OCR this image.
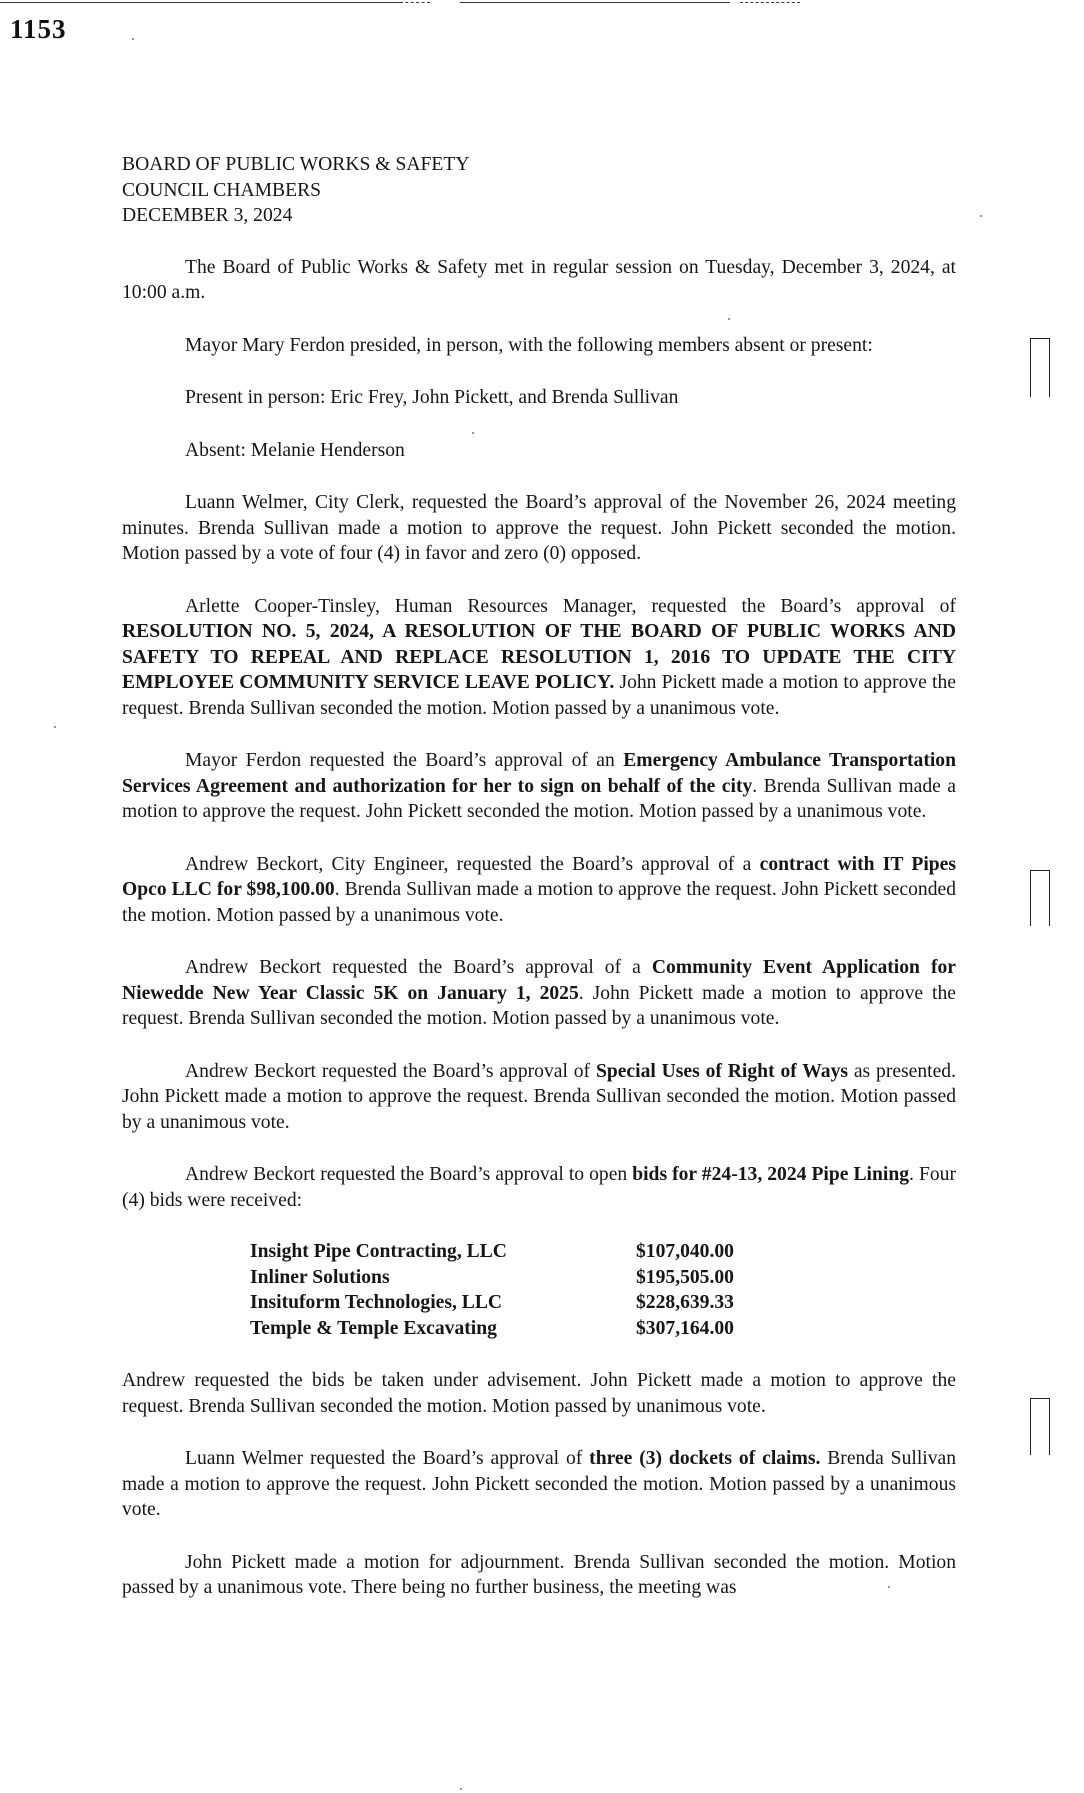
1153
BOARD OF PUBLIC WORKS & SAFETY
COUNCIL CHAMBERS
DECEMBER 3, 2024

The Board of Public Works & Safety met in regular session on Tuesday, December 3, 2024, at 10:00 a.m.

Mayor Mary Ferdon presided, in person, with the following members absent or present:

Present in person: Eric Frey, John Pickett, and Brenda Sullivan

Absent: Melanie Henderson

Luann Welmer, City Clerk, requested the Board’s approval of the November 26, 2024 meeting minutes. Brenda Sullivan made a motion to approve the request. John Pickett seconded the motion. Motion passed by a vote of four (4) in favor and zero (0) opposed.

Arlette Cooper-Tinsley, Human Resources Manager, requested the Board’s approval of RESOLUTION NO. 5, 2024, A RESOLUTION OF THE BOARD OF PUBLIC WORKS AND SAFETY TO REPEAL AND REPLACE RESOLUTION 1, 2016 TO UPDATE THE CITY EMPLOYEE COMMUNITY SERVICE LEAVE POLICY. John Pickett made a motion to approve the request. Brenda Sullivan seconded the motion. Motion passed by a unanimous vote.

Mayor Ferdon requested the Board’s approval of an Emergency Ambulance Transportation Services Agreement and authorization for her to sign on behalf of the city. Brenda Sullivan made a motion to approve the request. John Pickett seconded the motion. Motion passed by a unanimous vote.

Andrew Beckort, City Engineer, requested the Board’s approval of a contract with IT Pipes Opco LLC for $98,100.00. Brenda Sullivan made a motion to approve the request. John Pickett seconded the motion. Motion passed by a unanimous vote.

Andrew Beckort requested the Board’s approval of a Community Event Application for Niewedde New Year Classic 5K on January 1, 2025. John Pickett made a motion to approve the request. Brenda Sullivan seconded the motion. Motion passed by a unanimous vote.

Andrew Beckort requested the Board’s approval of Special Uses of Right of Ways as presented. John Pickett made a motion to approve the request. Brenda Sullivan seconded the motion. Motion passed by a unanimous vote.

Andrew Beckort requested the Board’s approval to open bids for #24-13, 2024 Pipe Lining. Four (4) bids were received:

Insight Pipe Contracting, LLC	$107,040.00
Inliner Solutions	$195,505.00
Insituform Technologies, LLC	$228,639.33
Temple & Temple Excavating	$307,164.00

Andrew requested the bids be taken under advisement. John Pickett made a motion to approve the request. Brenda Sullivan seconded the motion. Motion passed by unanimous vote.

Luann Welmer requested the Board’s approval of three (3) dockets of claims. Brenda Sullivan made a motion to approve the request. John Pickett seconded the motion. Motion passed by a unanimous vote.

John Pickett made a motion for adjournment. Brenda Sullivan seconded the motion. Motion passed by a unanimous vote. There being no further business, the meeting was
